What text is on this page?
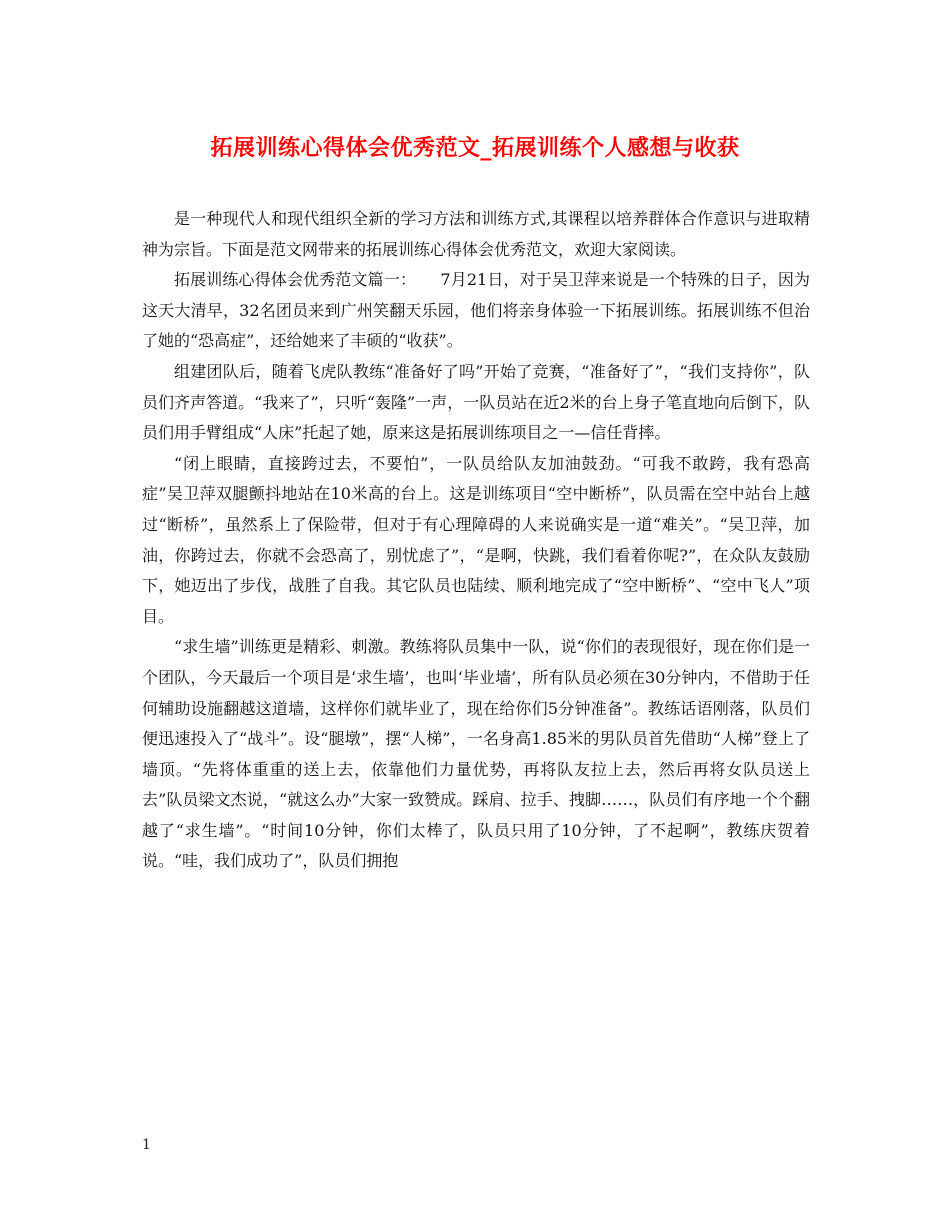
拓展训练心得体会优秀范文_拓展训练个人感想与收获

是一种现代人和现代组织全新的学习方法和训练方式,其课程以培养群体合作意识与进取精神为宗旨。下面是范文网带来的拓展训练心得体会优秀范文，欢迎大家阅读。

拓展训练心得体会优秀范文篇一：　　7月21日，对于吴卫萍来说是一个特殊的日子，因为这天大清早，32名团员来到广州笑翻天乐园，他们将亲身体验一下拓展训练。拓展训练不但治了她的“恐高症”，还给她来了丰硕的“收获”。

组建团队后，随着飞虎队教练“准备好了吗”开始了竞赛，“准备好了”，“我们支持你”，队员们齐声答道。“我来了”，只听“轰隆”一声，一队员站在近2米的台上身子笔直地向后倒下，队员们用手臂组成“人床”托起了她，原来这是拓展训练项目之一—信任背摔。

“闭上眼睛，直接跨过去，不要怕”，一队员给队友加油鼓劲。“可我不敢跨，我有恐高症”吴卫萍双腿颤抖地站在10米高的台上。这是训练项目“空中断桥”，队员需在空中站台上越过“断桥”，虽然系上了保险带，但对于有心理障碍的人来说确实是一道“难关”。“吴卫萍，加油，你跨过去，你就不会恐高了，别忧虑了”，“是啊，快跳，我们看着你呢?”，在众队友鼓励下，她迈出了步伐，战胜了自我。其它队员也陆续、顺利地完成了“空中断桥”、“空中飞人”项目。

“求生墙”训练更是精彩、刺激。教练将队员集中一队，说“你们的表现很好，现在你们是一个团队，今天最后一个项目是‘求生墙’，也叫‘毕业墙’，所有队员必须在30分钟内，不借助于任何辅助设施翻越这道墙，这样你们就毕业了，现在给你们5分钟准备”。教练话语刚落，队员们便迅速投入了“战斗”。设“腿墩”，摆“人梯”，一名身高1.85米的男队员首先借助“人梯”登上了墙顶。“先将体重重的送上去，依靠他们力量优势，再将队友拉上去，然后再将女队员送上去”队员梁文杰说，“就这么办”大家一致赞成。踩肩、拉手、拽脚……，队员们有序地一个个翻越了“求生墙”。“时间10分钟，你们太棒了，队员只用了10分钟，了不起啊”，教练庆贺着说。“哇，我们成功了”，队员们拥抱

1
